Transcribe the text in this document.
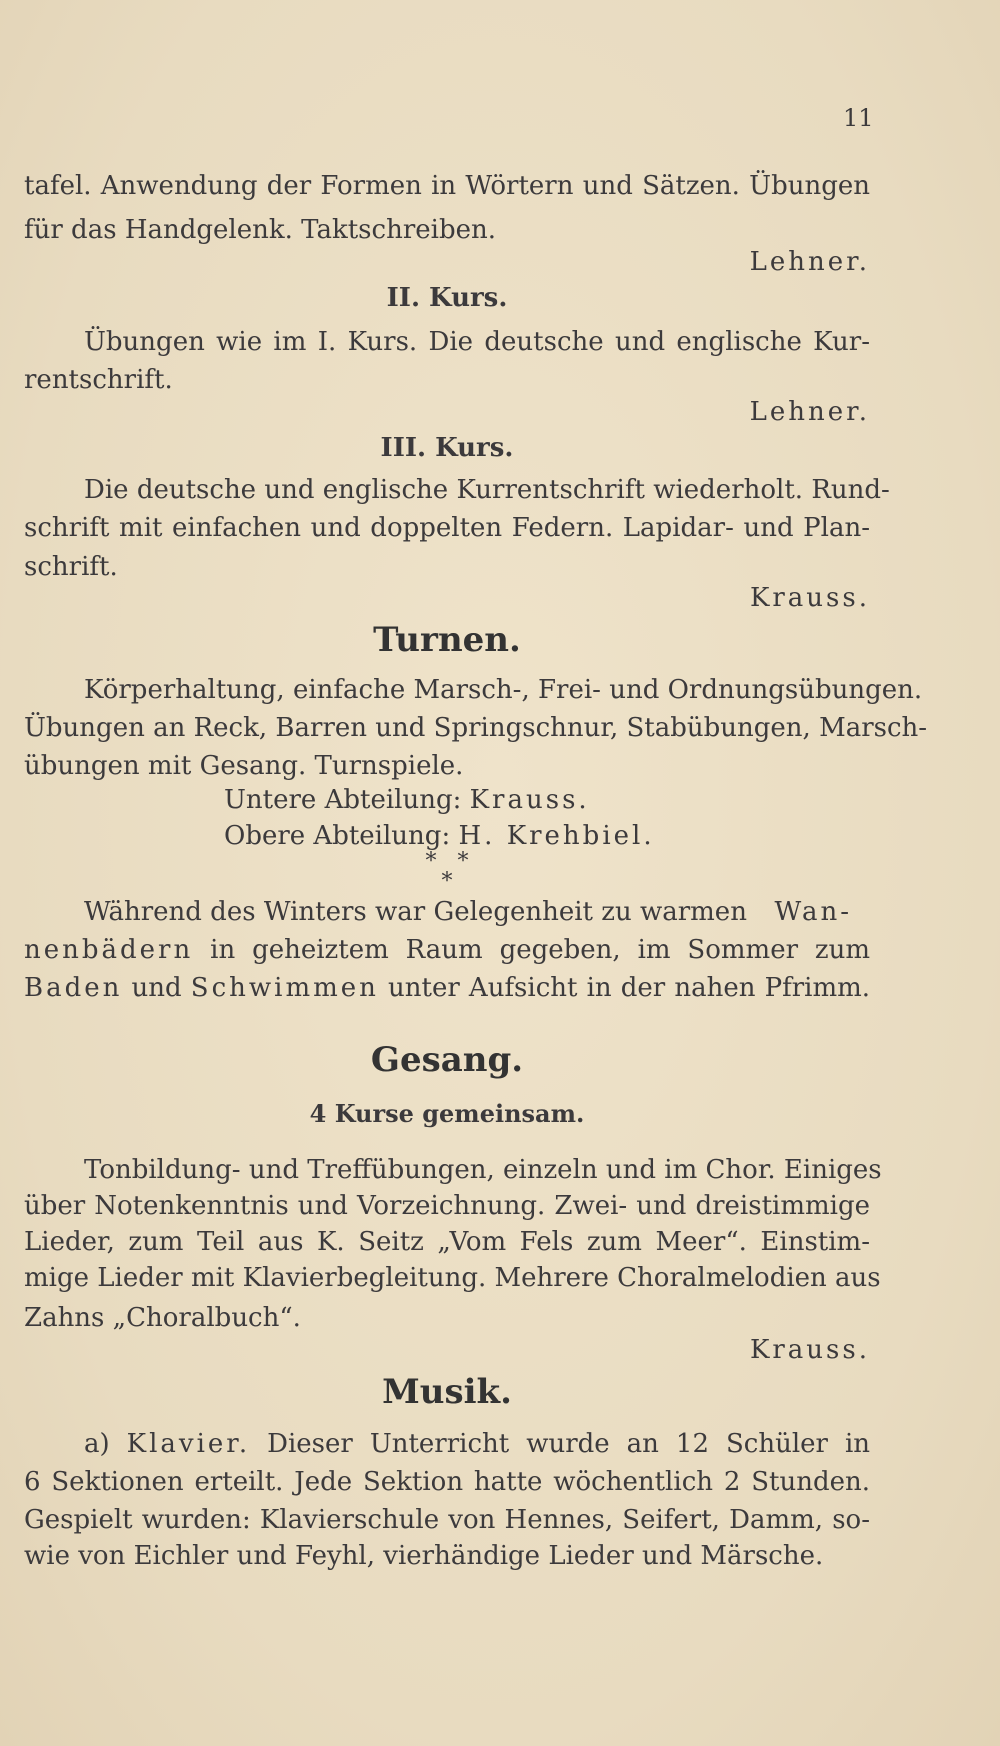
11
tafel. Anwendung der Formen in Wörtern und Sätzen. Übungen
für das Handgelenk. Taktschreiben.
Lehner.
II. Kurs.
Übungen wie im I. Kurs. Die deutsche und englische Kur-
rentschrift.
Lehner.
III. Kurs.
Die deutsche und englische Kurrentschrift wiederholt. Rund-
schrift mit einfachen und doppelten Federn. Lapidar- und Plan-
schrift.
Krauss.
Turnen.
Körperhaltung, einfache Marsch-, Frei- und Ordnungsübungen.
Übungen an Reck, Barren und Springschnur, Stabübungen, Marsch-
übungen mit Gesang. Turnspiele.
Untere Abteilung: Krauss.
Obere Abteilung: H. Krehbiel.
*   *
*
Während des Winters war Gelegenheit zu warmen Wan-
nenbädern in geheiztem Raum gegeben, im Sommer zum
Baden und Schwimmen unter Aufsicht in der nahen Pfrimm.
Gesang.
4 Kurse gemeinsam.
Tonbildung- und Treffübungen, einzeln und im Chor. Einiges
über Notenkenntnis und Vorzeichnung. Zwei- und dreistimmige
Lieder, zum Teil aus K. Seitz „Vom Fels zum Meer“. Einstim-
mige Lieder mit Klavierbegleitung. Mehrere Choralmelodien aus
Zahns „Choralbuch“.
Krauss.
Musik.
a) Klavier. Dieser Unterricht wurde an 12 Schüler in
6 Sektionen erteilt. Jede Sektion hatte wöchentlich 2 Stunden.
Gespielt wurden: Klavierschule von Hennes, Seifert, Damm, so-
wie von Eichler und Feyhl, vierhändige Lieder und Märsche.
